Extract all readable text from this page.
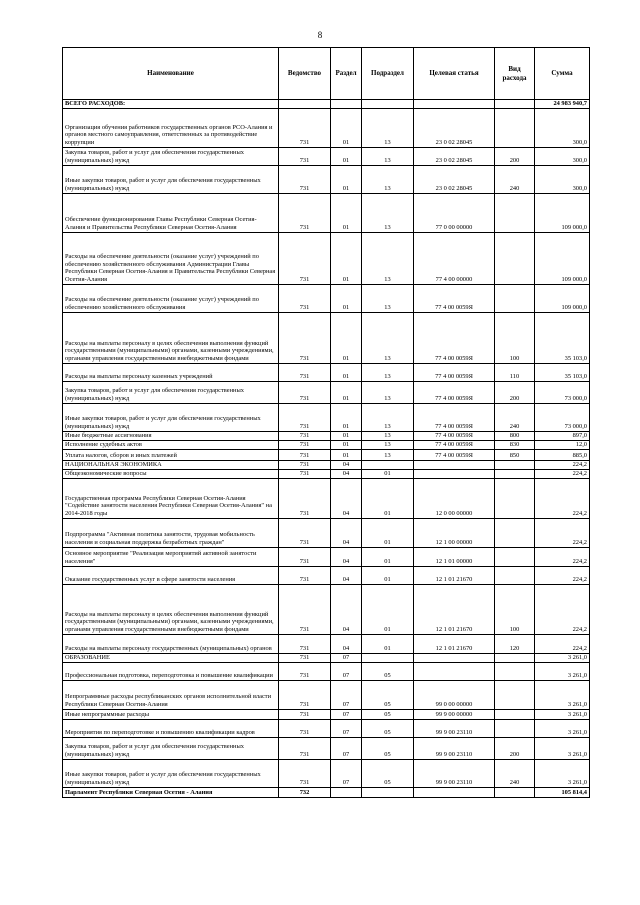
8
Наименование	Ведомство	Раздел	Подраздел	Целевая статья	Вид расхода	Сумма
ВСЕГО РАСХОДОВ:						24 983 940,7
Организация обучения работников государственных органов РСО-Алания и органов местного самоуправления, ответственных за противодействие коррупции	731	01	13	23 0 02 28045		300,0
Закупка товаров, работ и услуг для обеспечения государственных (муниципальных) нужд	731	01	13	23 0 02 28045	200	300,0
Иные закупки товаров, работ и услуг для обеспечения государственных (муниципальных) нужд	731	01	13	23 0 02 28045	240	300,0
Обеспечение функционирования Главы Республики Северная Осетия-Алания и Правительства Республики Северная Осетия-Алания	731	01	13	77 0 00 00000		109 000,0
Расходы на обеспечение деятельности (оказание услуг) учреждений по обеспечению хозяйственного обслуживания Администрации Главы Республики Северная Осетия-Алания и Правительства Республики Северная Осетия-Алания	731	01	13	77 4 00 00000		109 000,0
Расходы на обеспечение деятельности (оказание услуг) учреждений по обеспечению хозяйственного обслуживания	731	01	13	77 4 00 0059Я		109 000,0
Расходы на выплаты персоналу в целях обеспечения выполнения функций государственными (муниципальными) органами, казенными учреждениями, органами управления государственными внебюджетными фондами	731	01	13	77 4 00 0059Я	100	35 103,0
Расходы на выплаты персоналу казенных учреждений	731	01	13	77 4 00 0059Я	110	35 103,0
Закупка товаров, работ и услуг для обеспечения государственных (муниципальных) нужд	731	01	13	77 4 00 0059Я	200	73 000,0
Иные закупки товаров, работ и услуг для обеспечения государственных (муниципальных) нужд	731	01	13	77 4 00 0059Я	240	73 000,0
Иные бюджетные ассигнования	731	01	13	77 4 00 0059Я	800	897,0
Исполнение судебных актов	731	01	13	77 4 00 0059Я	830	12,0
Уплата налогов, сборов и иных платежей	731	01	13	77 4 00 0059Я	850	885,0
НАЦИОНАЛЬНАЯ ЭКОНОМИКА	731	04				224,2
Общеэкономические вопросы	731	04	01			224,2
Государственная программа Республики Северная Осетия-Алания "Содействие занятости населения Республики Северная Осетия-Алания" на 2014-2018 годы	731	04	01	12 0 00 00000		224,2
Подпрограмма "Активная политика занятости, трудовая мобильность населения и социальная поддержка безработных граждан"	731	04	01	12 1 00 00000		224,2
Основное мероприятие "Реализация мероприятий активной занятости населения"	731	04	01	12 1 01 00000		224,2
Оказание государственных услуг в сфере занятости населения	731	04	01	12 1 01 21670		224,2
Расходы на выплаты персоналу в целях обеспечения выполнения функций государственными (муниципальными) органами, казенными учреждениями, органами управления государственными внебюджетными фондами	731	04	01	12 1 01 21670	100	224,2
Расходы на выплаты персоналу государственных (муниципальных) органов	731	04	01	12 1 01 21670	120	224,2
ОБРАЗОВАНИЕ	731	07				3 261,0
Профессиональная подготовка, переподготовка и повышение квалификации	731	07	05			3 261,0
Непрограммные расходы республиканских органов исполнительной власти Республики Северная Осетия-Алания	731	07	05	99 0 00 00000		3 261,0
Иные непрограммные расходы	731	07	05	99 9 00 00000		3 261,0
Мероприятия по переподготовке и повышению квалификации кадров	731	07	05	99 9 00 23110		3 261,0
Закупка товаров, работ и услуг для обеспечения государственных (муниципальных) нужд	731	07	05	99 9 00 23110	200	3 261,0
Иные закупки товаров, работ и услуг для обеспечения государственных (муниципальных) нужд	731	07	05	99 9 00 23110	240	3 261,0
Парламент Республики Северная Осетия - Алания	732					105 814,4
